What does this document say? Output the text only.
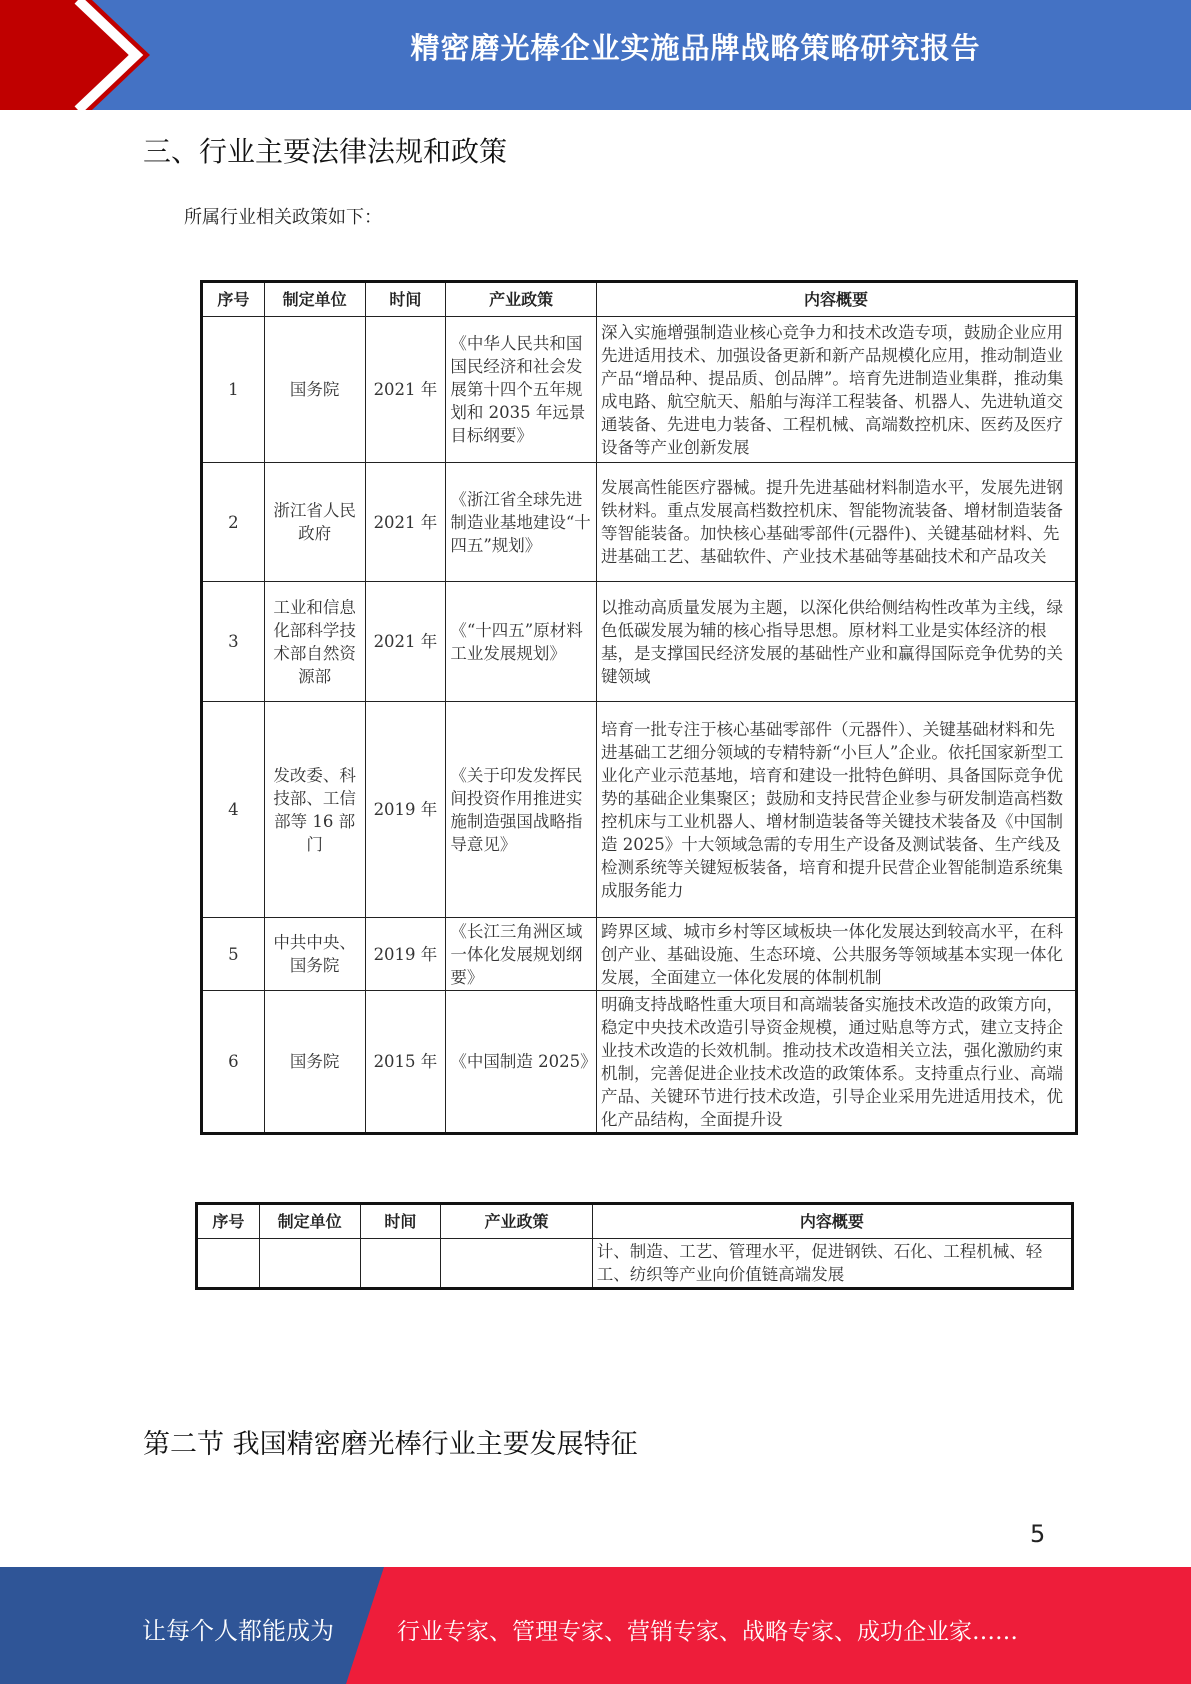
精密磨光棒企业实施品牌战略策略研究报告
三、行业主要法律法规和政策
所属行业相关政策如下：
序号	制定单位	时间	产业政策	内容概要
1	国务院	2021 年	《中华人民共和国国民经济和社会发展第十四个五年规划和 2035 年远景目标纲要》	深入实施增强制造业核心竞争力和技术改造专项，鼓励企业应用先进适用技术、加强设备更新和新产品规模化应用，推动制造业产品“增品种、提品质、创品牌”。培育先进制造业集群，推动集成电路、航空航天、船舶与海洋工程装备、机器人、先进轨道交通装备、先进电力装备、工程机械、高端数控机床、医药及医疗设备等产业创新发展
2	浙江省人民政府	2021 年	《浙江省全球先进制造业基地建设“十四五”规划》	发展高性能医疗器械。提升先进基础材料制造水平，发展先进钢铁材料。重点发展高档数控机床、智能物流装备、增材制造装备等智能装备。加快核心基础零部件(元器件)、关键基础材料、先进基础工艺、基础软件、产业技术基础等基础技术和产品攻关
3	工业和信息化部科学技术部自然资源部	2021 年	《“十四五”原材料工业发展规划》	以推动高质量发展为主题，以深化供给侧结构性改革为主线，绿色低碳发展为辅的核心指导思想。原材料工业是实体经济的根基，是支撑国民经济发展的基础性产业和赢得国际竞争优势的关键领域
4	发改委、科技部、工信部等 16 部门	2019 年	《关于印发发挥民间投资作用推进实施制造强国战略指导意见》	培育一批专注于核心基础零部件（元器件）、关键基础材料和先进基础工艺细分领域的专精特新“小巨人”企业。依托国家新型工业化产业示范基地，培育和建设一批特色鲜明、具备国际竞争优势的基础企业集聚区；鼓励和支持民营企业参与研发制造高档数控机床与工业机器人、增材制造装备等关键技术装备及《中国制造 2025》十大领域急需的专用生产设备及测试装备、生产线及检测系统等关键短板装备，培育和提升民营企业智能制造系统集成服务能力
5	中共中央、国务院	2019 年	《长江三角洲区域一体化发展规划纲要》	跨界区域、城市乡村等区域板块一体化发展达到较高水平，在科创产业、基础设施、生态环境、公共服务等领域基本实现一体化发展，全面建立一体化发展的体制机制
6	国务院	2015 年	《中国制造 2025》	明确支持战略性重大项目和高端装备实施技术改造的政策方向，稳定中央技术改造引导资金规模，通过贴息等方式，建立支持企业技术改造的长效机制。推动技术改造相关立法，强化激励约束机制，完善促进企业技术改造的政策体系。支持重点行业、高端产品、关键环节进行技术改造，引导企业采用先进适用技术，优化产品结构，全面提升设
序号	制定单位	时间	产业政策	内容概要
				计、制造、工艺、管理水平，促进钢铁、石化、工程机械、轻工、纺织等产业向价值链高端发展
第二节 我国精密磨光棒行业主要发展特征
5
让每个人都能成为	行业专家、管理专家、营销专家、战略专家、成功企业家……
